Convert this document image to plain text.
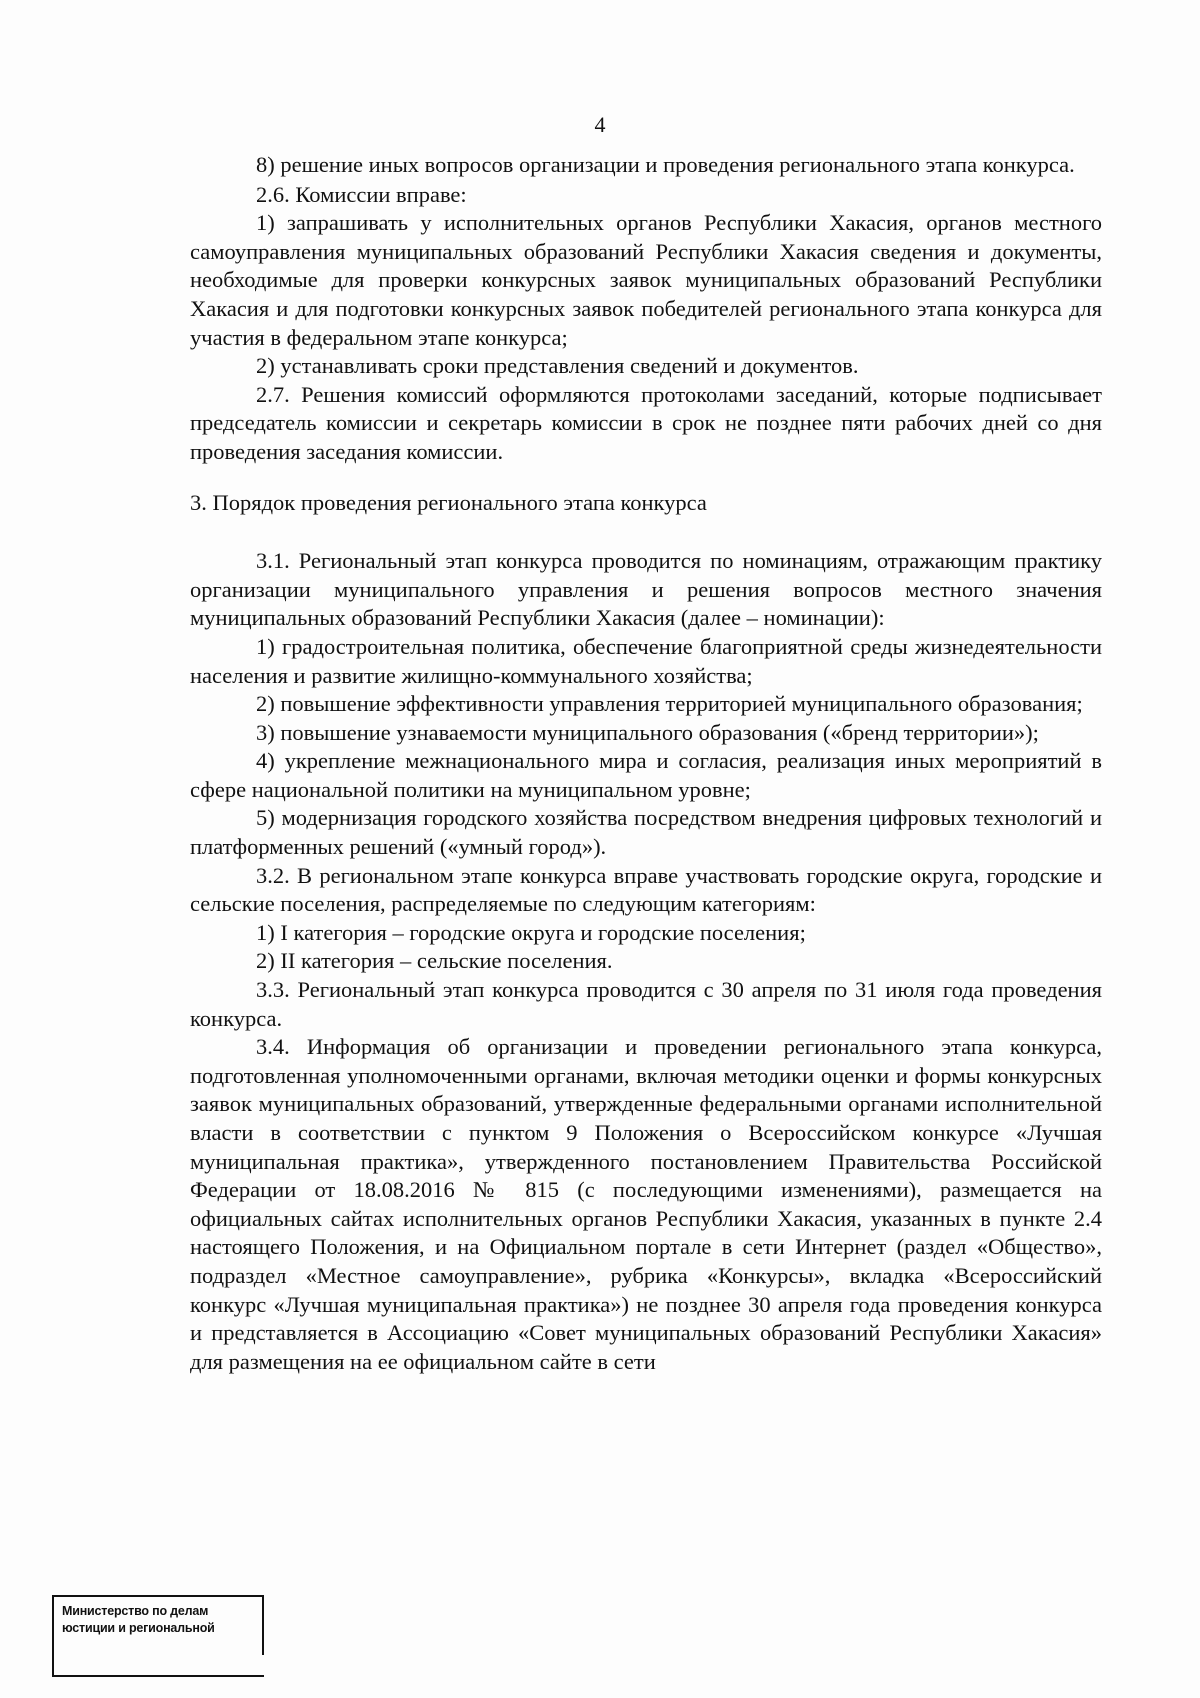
4

8) решение иных вопросов организации и проведения регионального этапа конкурса.

2.6. Комиссии вправе:

1) запрашивать у исполнительных органов Республики Хакасия, органов местного самоуправления муниципальных образований Республики Хакасия сведения и документы, необходимые для проверки конкурсных заявок муниципальных образований Республики Хакасия и для подготовки конкурсных заявок победителей регионального этапа конкурса для участия в федеральном этапе конкурса;

2) устанавливать сроки представления сведений и документов.

2.7. Решения комиссий оформляются протоколами заседаний, которые подписывает председатель комиссии и секретарь комиссии в срок не позднее пяти рабочих дней со дня проведения заседания комиссии.

3. Порядок проведения регионального этапа конкурса

3.1. Региональный этап конкурса проводится по номинациям, отражающим практику организации муниципального управления и решения вопросов местного значения муниципальных образований Республики Хакасия (далее – номинации):

1) градостроительная политика, обеспечение благоприятной среды жизнедеятельности населения и развитие жилищно-коммунального хозяйства;

2) повышение эффективности управления территорией муниципального образования;

3) повышение узнаваемости муниципального образования («бренд территории»);

4) укрепление межнационального мира и согласия, реализация иных мероприятий в сфере национальной политики на муниципальном уровне;

5) модернизация городского хозяйства посредством внедрения цифровых технологий и платформенных решений («умный город»).

3.2. В региональном этапе конкурса вправе участвовать городские округа, городские и сельские поселения, распределяемые по следующим категориям:

1) I категория – городские округа и городские поселения;

2) II категория – сельские поселения.

3.3. Региональный этап конкурса проводится с 30 апреля по 31 июля года проведения конкурса.

3.4. Информация об организации и проведении регионального этапа конкурса, подготовленная уполномоченными органами, включая методики оценки и формы конкурсных заявок муниципальных образований, утвержденные федеральными органами исполнительной власти в соответствии с пунктом 9 Положения о Всероссийском конкурсе «Лучшая муниципальная практика», утвержденного постановлением Правительства Российской Федерации от 18.08.2016 № 815 (с последующими изменениями), размещается на официальных сайтах исполнительных органов Республики Хакасия, указанных в пункте 2.4 настоящего Положения, и на Официальном портале в сети Интернет (раздел «Общество», подраздел «Местное самоуправление», рубрика «Конкурсы», вкладка «Всероссийский конкурс «Лучшая муниципальная практика») не позднее 30 апреля года проведения конкурса и представляется в Ассоциацию «Совет муниципальных образований Республики Хакасия» для размещения на ее официальном сайте в сети

Министерство по делам
юстиции и региональной
